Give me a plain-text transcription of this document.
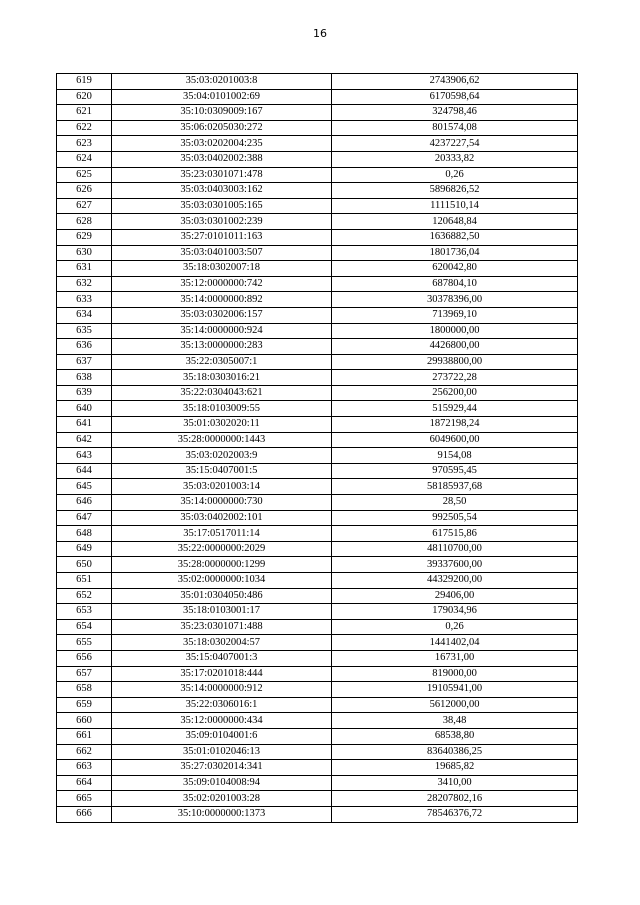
16
619	35:03:0201003:8	2743906,62
620	35:04:0101002:69	6170598,64
621	35:10:0309009:167	324798,46
622	35:06:0205030:272	801574,08
623	35:03:0202004:235	4237227,54
624	35:03:0402002:388	20333,82
625	35:23:0301071:478	0,26
626	35:03:0403003:162	5896826,52
627	35:03:0301005:165	1111510,14
628	35:03:0301002:239	120648,84
629	35:27:0101011:163	1636882,50
630	35:03:0401003:507	1801736,04
631	35:18:0302007:18	620042,80
632	35:12:0000000:742	687804,10
633	35:14:0000000:892	30378396,00
634	35:03:0302006:157	713969,10
635	35:14:0000000:924	1800000,00
636	35:13:0000000:283	4426800,00
637	35:22:0305007:1	29938800,00
638	35:18:0303016:21	273722,28
639	35:22:0304043:621	256200,00
640	35:18:0103009:55	515929,44
641	35:01:0302020:11	1872198,24
642	35:28:0000000:1443	6049600,00
643	35:03:0202003:9	9154,08
644	35:15:0407001:5	970595,45
645	35:03:0201003:14	58185937,68
646	35:14:0000000:730	28,50
647	35:03:0402002:101	992505,54
648	35:17:0517011:14	617515,86
649	35:22:0000000:2029	48110700,00
650	35:28:0000000:1299	39337600,00
651	35:02:0000000:1034	44329200,00
652	35:01:0304050:486	29406,00
653	35:18:0103001:17	179034,96
654	35:23:0301071:488	0,26
655	35:18:0302004:57	1441402,04
656	35:15:0407001:3	16731,00
657	35:17:0201018:444	819000,00
658	35:14:0000000:912	19105941,00
659	35:22:0306016:1	5612000,00
660	35:12:0000000:434	38,48
661	35:09:0104001:6	68538,80
662	35:01:0102046:13	83640386,25
663	35:27:0302014:341	19685,82
664	35:09:0104008:94	3410,00
665	35:02:0201003:28	28207802,16
666	35:10:0000000:1373	78546376,72
